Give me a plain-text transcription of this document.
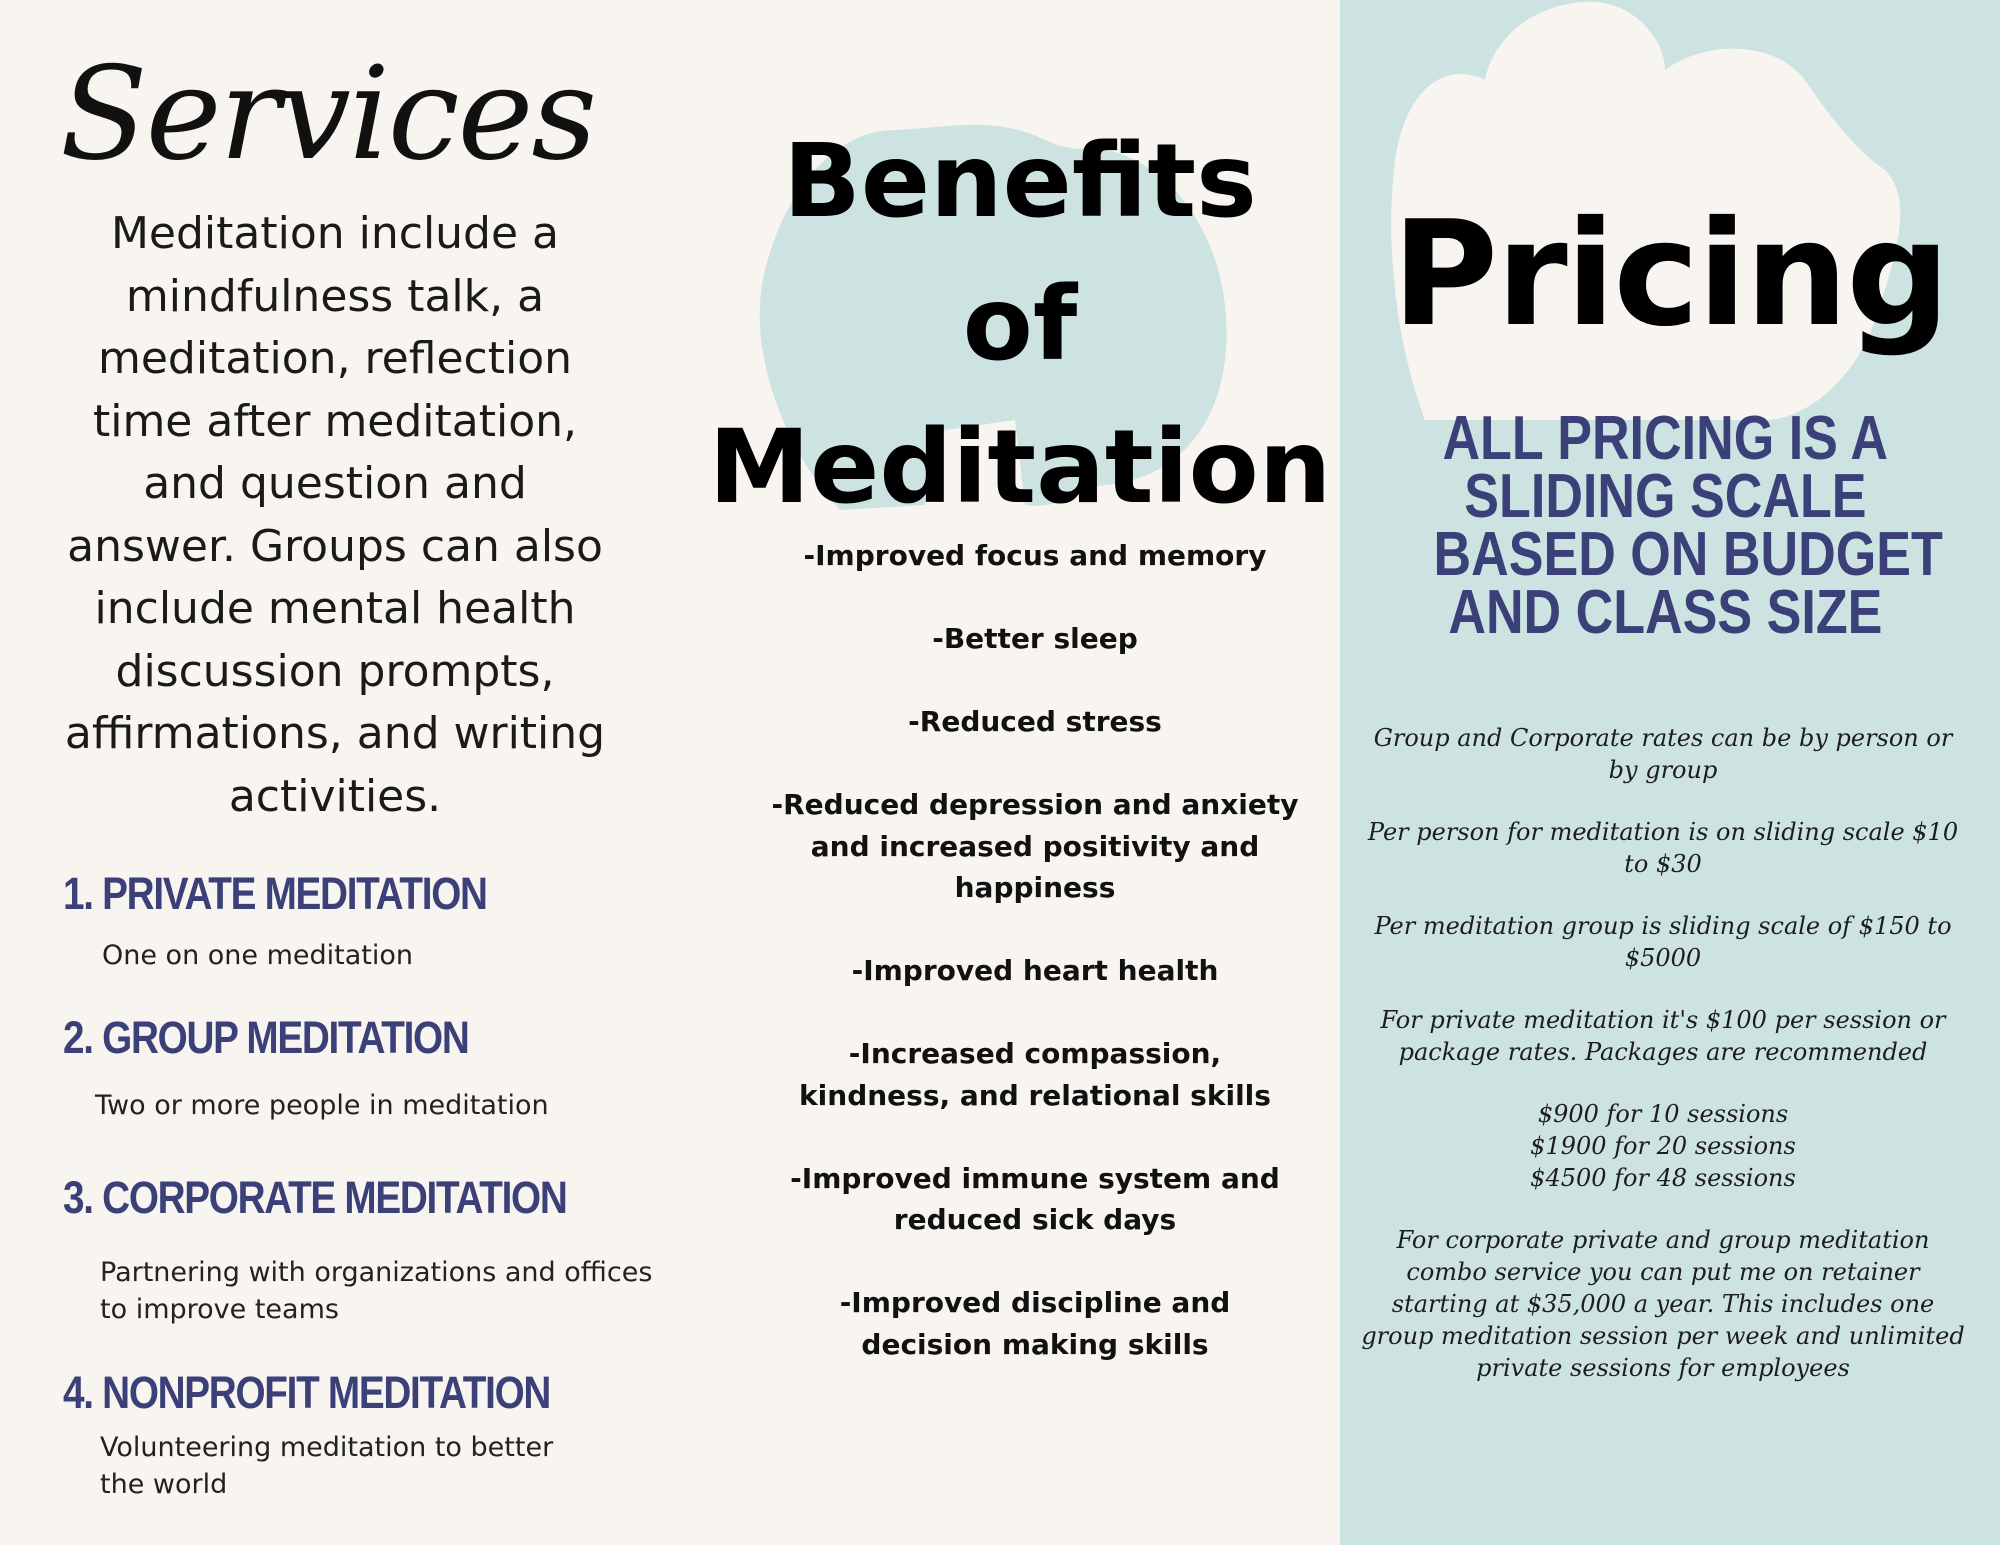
Services
Meditation include a mindfulness talk, a meditation, reflection time after meditation, and question and answer. Groups can also include mental health discussion prompts, affirmations, and writing activities.
1. PRIVATE MEDITATION
One on one meditation
2. GROUP MEDITATION
Two or more people in meditation
3. CORPORATE MEDITATION
Partnering with organizations and offices to improve teams
4. NONPROFIT MEDITATION
Volunteering meditation to better the world
Benefits
of
Meditation
-Improved focus and memory
-Better sleep
-Reduced stress
-Reduced depression and anxiety and increased positivity and happiness
-Improved heart health
-Increased compassion, kindness, and relational skills
-Improved immune system and reduced sick days
-Improved discipline and decision making skills
Pricing
ALL PRICING IS A
SLIDING SCALE
BASED ON BUDGET
AND CLASS SIZE

Group and Corporate rates can be by person or by group

Per person for meditation is on sliding scale $10 to $30

Per meditation group is sliding scale of $150 to $5000

For private meditation it's $100 per session or package rates. Packages are recommended

$900 for 10 sessions
$1900 for 20 sessions
$4500 for 48 sessions

For corporate private and group meditation combo service you can put me on retainer starting at $35,000 a year. This includes one group meditation session per week and unlimited private sessions for employees
